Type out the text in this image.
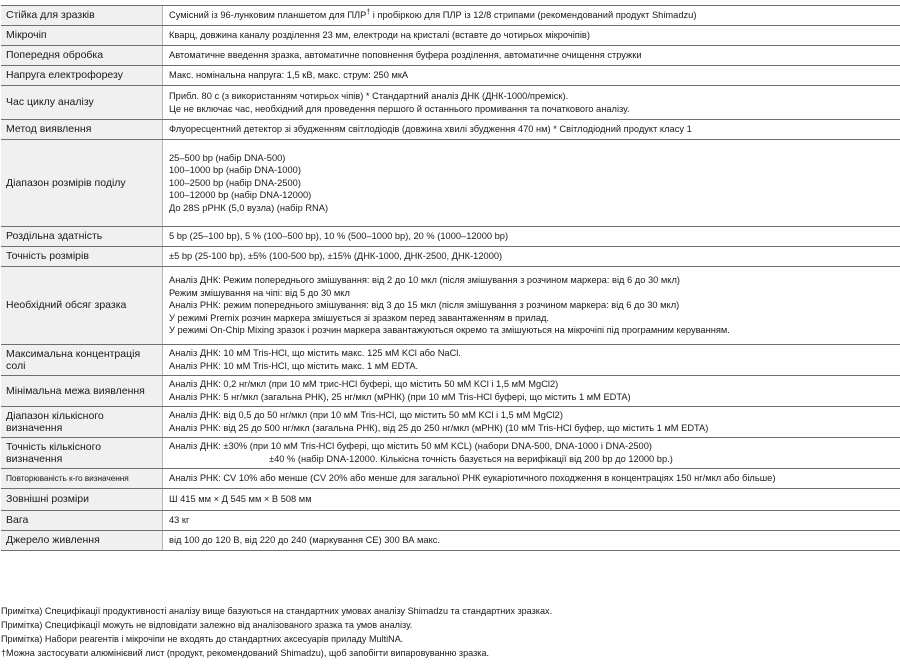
Стійка для зразків	Сумісний із 96-лунковим планшетом для ПЛР† і пробіркою для ПЛР із 12/8 стрипами (рекомендований продукт Shimadzu)

Мікрочіп	Кварц, довжина каналу розділення 23 мм, електроди на кристалі (вставте до чотирьох мікрочіпів)

Попередня обробка	Автоматичне введення зразка, автоматичне поповнення буфера розділення, автоматичне очищення стружки

Напруга електрофорезу	Макс. номінальна напруга: 1,5 кВ, макс. струм: 250 мкА

Час циклу аналізу	Прибл. 80 с (з використанням чотирьох чіпів) * Стандартний аналіз ДНК (ДНК-1000/преміск).
Це не включає час, необхідний для проведення першого й останнього промивання та початкового аналізу.

Метод виявлення	Флуоресцентний детектор зі збудженням світлодіодів (довжина хвилі збудження 470 нм) * Світлодіодний продукт класу 1

Діапазон розмірів поділу	25–500 bp (набір DNA-500)
100–1000 bp (набір DNA-1000)
100–2500 bp (набір DNA-2500)
100–12000 bp (набір DNA-12000)
До 28S рРНК (5,0 вузла) (набір RNA)

Роздільна здатність	5 bp (25–100 bp), 5 % (100–500 bp), 10 % (500–1000 bp), 20 % (1000–12000 bp)

Точність розмірів	±5 bp (25-100 bp), ±5% (100-500 bp), ±15% (ДНК-1000, ДНК-2500, ДНК-12000)

Необхідний обсяг зразка	Аналіз ДНК: Режим попереднього змішування: від 2 до 10 мкл (після змішування з розчином маркера: від 6 до 30 мкл)
Режим змішування на чіпі: від 5 до 30 мкл
Аналіз РНК: режим попереднього змішування: від 3 до 15 мкл (після змішування з розчином маркера: від 6 до 30 мкл)
У режимі Premix розчин маркера змішується зі зразком перед завантаженням в прилад.
У режимі On-Chip Mixing зразок і розчин маркера завантажуються окремо та змішуються на мікрочіпі під програмним керуванням.

Максимальна концентрація солі	Аналіз ДНК: 10 мМ Tris-HCl, що містить макс. 125 мМ KCl або NaCl.
Аналіз РНК: 10 мМ Tris-HCl, що містить макс. 1 мМ EDTA.

Мінімальна межа виявлення	Аналіз ДНК: 0,2 нг/мкл (при 10 мМ трис-HCl буфері, що містить 50 мМ KCl і 1,5 мМ MgCl2)
Аналіз РНК: 5 нг/мкл (загальна РНК), 25 нг/мкл (мРНК) (при 10 мМ Tris-HCl буфері, що містить 1 мМ EDTA)

Діапазон кількісного визначення	Аналіз ДНК: від 0,5 до 50 нг/мкл (при 10 мМ Tris-HCl, що містить 50 мМ KCl і 1,5 мМ MgCl2)
Аналіз РНК: від 25 до 500 нг/мкл (загальна РНК), від 25 до 250 нг/мкл (мРНК) (10 мМ Tris-HCl буфер, що містить 1 мМ EDTA)

Точність кількісного визначення	Аналіз ДНК: ±30% (при 10 мМ Tris-HCl буфері, що містить 50 мМ KCL) (набори DNA-500, DNA-1000 і DNA-2500)
±40 % (набір DNA-12000. Кількісна точність базується на верифікації від 200 bp до 12000 bp.)

Повторюваність к-го визначення	Аналіз РНК: CV 10% або менше (CV 20% або менше для загальної РНК еукаріотичного походження в концентраціях 150 нг/мкл або більше)

Зовнішні розміри	Ш 415 мм × Д 545 мм × В 508 мм

Вага	43 кг

Джерело живлення	від 100 до 120 В, від 220 до 240 (маркування CE) 300 ВА макс.
Примітка) Специфікації продуктивності аналізу вище базуються на стандартних умовах аналізу Shimadzu та стандартних зразках.
Примітка) Специфікації можуть не відповідати залежно від аналізованого зразка та умов аналізу.
Примітка) Набори реагентів і мікрочіпи не входять до стандартних аксесуарів приладу MultiNA.
†Можна застосувати алюмінієвий лист (продукт, рекомендований Shimadzu), щоб запобігти випаровуванню зразка.
